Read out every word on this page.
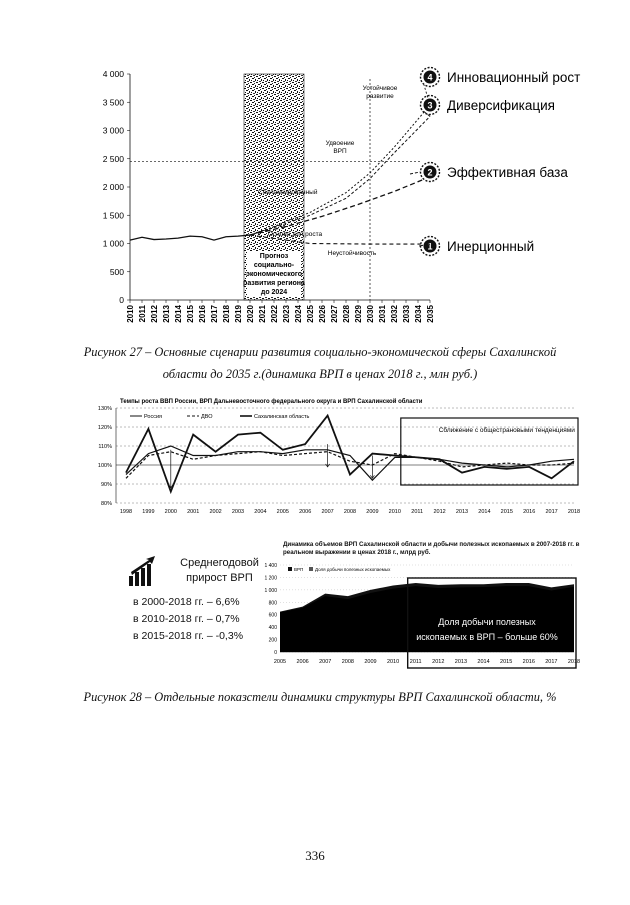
Прогноз
социально-
экономического
развития региона
до 2024
0
500
1 000
1 500
2 000
2 500
3 000
3 500
4 000
2010 2011 2012 2013 2014 2015 2016 2017 2018 2019 2020 2021 2022 2023 2024 2025 2026 2027 2028 2029 2030 2031 2032 2033 2034 2035
Устойчивое
развитие
Удвоение
ВРП
Неустойчивость
Основа для роста
Сбалансированный
4 Инновационный рост
3 Диверсификация
2 Эффективная база
1 Инерционный
Темпы роста ВВП России, ВРП Дальневосточного федерального округа и ВРП Сахалинской области
80%
90%
100%
110%
120%
130%
1998 1999 2000 2001 2002 2003 2004 2005 2006 2007 2008 2009 2010 2011 2012 2013 2014 2015 2016 2017 2018
Россия	ДВО	Сахалинская область
Сближение с общестрановыми тенденциями
0
200
400
600
800
1 000
1 200
1 400
2005 2006 2007 2008 2009 2010 2011 2012 2013 2014 2015 2016 2017 2018
ВРП	Доля добычи полезных ископаемых
Доля добычи полезных
ископаемых в ВРП – больше 60%
Динамика объемов ВРП Сахалинской области и добычи полезных ископаемых в 2007-2018 гг. в реальном выражении в ценах 2018 г., млрд руб.
Среднегодовой прирост ВРП
в 2000-2018 гг. – 6,6%
в 2010-2018 гг. – 0,7%
в 2015-2018 гг. – -0,3%
Рисунок 27 – Основные сценарии развития социально-экономической сферы Сахалинской
области до 2035 г.(динамика ВРП в ценах 2018 г., млн руб.)
Рисунок 28 – Отдельные показстели динамики структуры ВРП Сахалинской области, %
336
